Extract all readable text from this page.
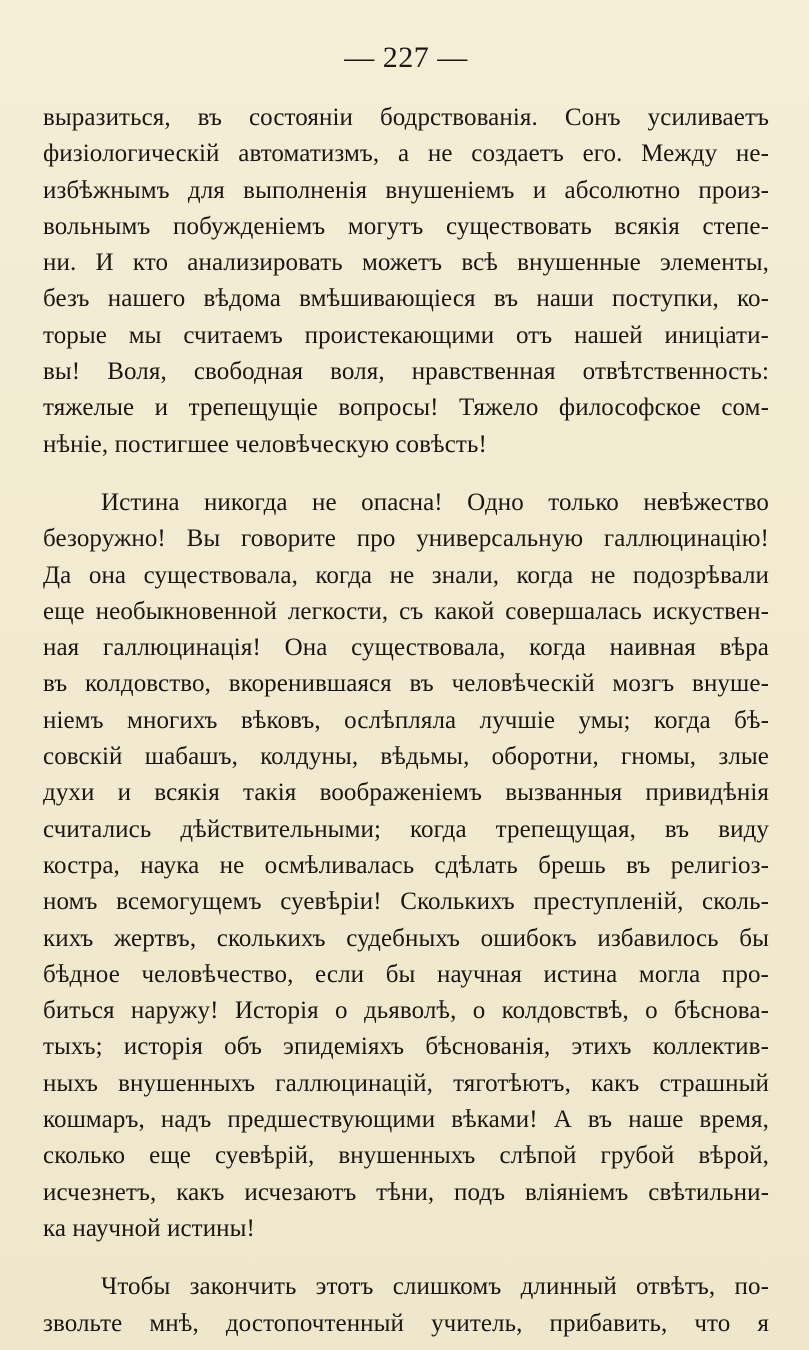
— 227 —
выразиться, въ состояніи бодрствованія. Сонъ усиливаетъ
физіологическій автоматизмъ, а не создаетъ его. Между не-
избѣжнымъ для выполненія внушеніемъ и абсолютно произ-
вольнымъ побужденіемъ могутъ существовать всякія степе-
ни. И кто анализировать можетъ всѣ внушенные элементы,
безъ нашего вѣдома вмѣшивающіеся въ наши поступки, ко-
торые мы считаемъ проистекающими отъ нашей иниціати-
вы! Воля, свободная воля, нравственная отвѣтственность:
тяжелые и трепещущіе вопросы! Тяжело философское сом-
нѣніе, постигшее человѣческую совѣсть!
Истина никогда не опасна! Одно только невѣжество
безоружно! Вы говорите про универсальную галлюцинацію!
Да она существовала, когда не знали, когда не подозрѣвали
еще необыкновенной легкости, съ какой совершалась искуствен-
ная галлюцинація! Она существовала, когда наивная вѣра
въ колдовство, вкоренившаяся въ человѣческій мозгъ внуше-
ніемъ многихъ вѣковъ, ослѣпляла лучшіе умы; когда бѣ-
совскій шабашъ, колдуны, вѣдьмы, оборотни, гномы, злые
духи и всякія такія воображеніемъ вызванныя привидѣнія
считались дѣйствительными; когда трепещущая, въ виду
костра, наука не осмѣливалась сдѣлать брешь въ религіоз-
номъ всемогущемъ суевѣріи! Сколькихъ преступленій, сколь-
кихъ жертвъ, сколькихъ судебныхъ ошибокъ избавилось бы
бѣдное человѣчество, если бы научная истина могла про-
биться наружу! Исторія о дьяволѣ, о колдовствѣ, о бѣснова-
тыхъ; исторія объ эпидеміяхъ бѣснованія, этихъ коллектив-
ныхъ внушенныхъ галлюцинацій, тяготѣютъ, какъ страшный
кошмаръ, надъ предшествующими вѣками! А въ наше время,
сколько еще суевѣрій, внушенныхъ слѣпой грубой вѣрой,
исчезнетъ, какъ исчезаютъ тѣни, подъ вліяніемъ свѣтильни-
ка научной истины!
Чтобы закончить этотъ слишкомъ длинный отвѣтъ, по-
звольте мнѣ, достопочтенный учитель, прибавить, что я
